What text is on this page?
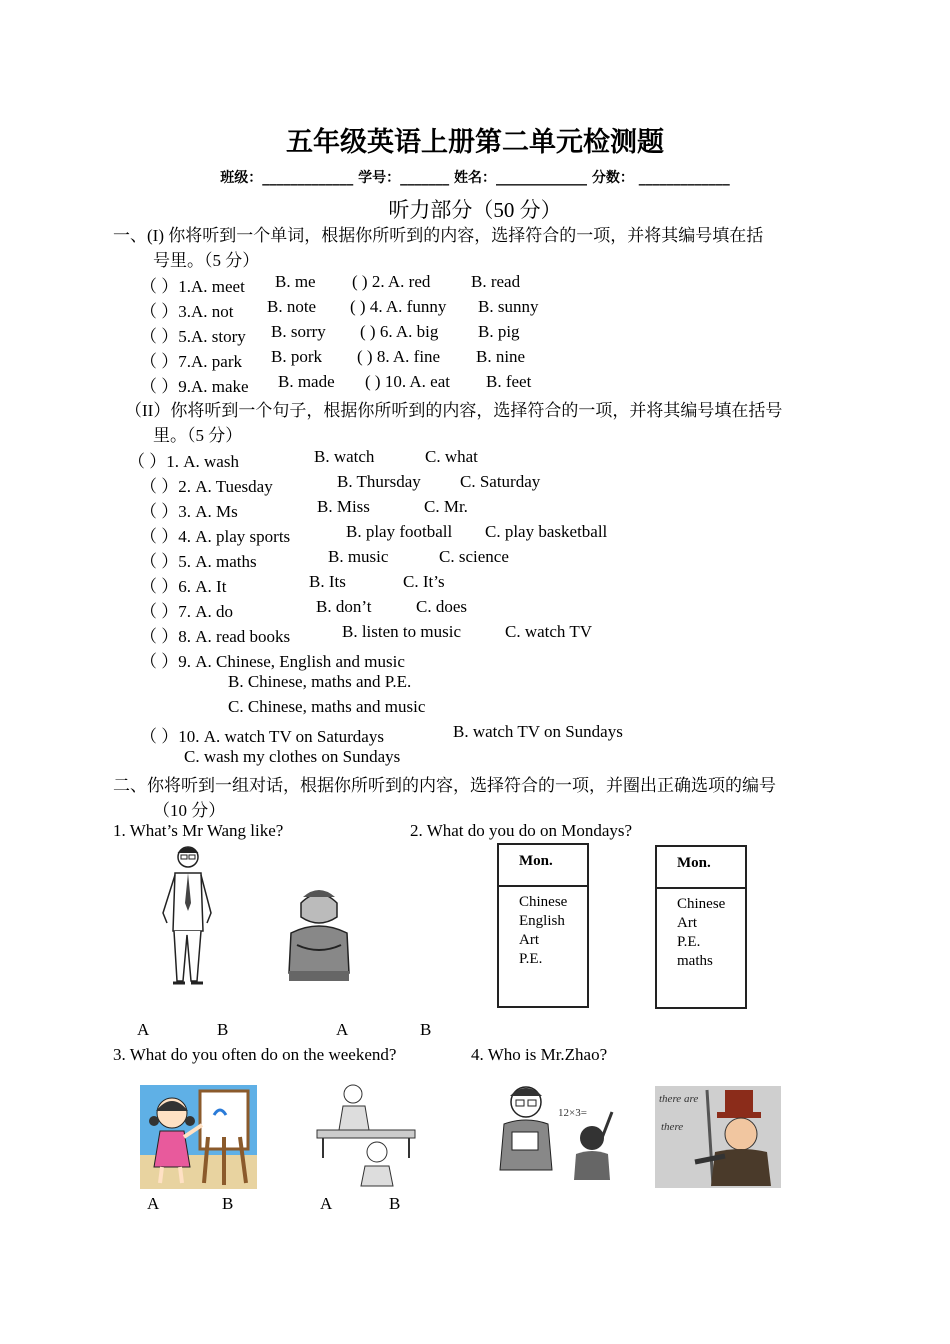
五年级英语上册第二单元检测题
班级：_____________ 学号：_______ 姓名：_____________ 分数： _____________
听力部分（50 分）
一、(I) 你将听到一个单词，根据你所听到的内容，选择符合的一项，并将其编号填在括
号里。（5 分）
（ ）1.A. meet B. me ( ) 2. A. red B. read
（ ）3.A. not B. note ( ) 4. A. funny B. sunny
（ ）5.A. story B. sorry ( ) 6. A. big B. pig
（ ）7.A. park B. pork ( ) 8. A. fine B. nine
（ ）9.A. make B. made ( ) 10. A. eat B. feet
（II）你将听到一个句子，根据你所听到的内容，选择符合的一项，并将其编号填在括号
里。（5 分）
（ ）1. A. wash	B. watch	C. what
（ ）2. A. Tuesday	B. Thursday C. Saturday
（ ）3. A. Ms	B. Miss	C. Mr.
（ ）4. A. play sports	B. play football C. play basketball
（ ）5. A. maths	B. music	C. science
（ ）6. A. It	B. Its	C. It’s
（ ）7. A. do	B. don’t	C. does
（ ）8. A. read books	B. listen to music	C. watch TV
（ ）9. A. Chinese, English and music
B. Chinese, maths and P.E.
C. Chinese, maths and music
（ ）10. A. watch TV on Saturdays	B. watch TV on Sundays
C. wash my clothes on Sundays
二、你将听到一组对话，根据你所听到的内容，选择符合的一项，并圈出正确选项的编号
（10 分）
1. What’s Mr Wang like?	2. What do you do on Mondays?
Mon.
Chinese
English
Art
P.E.
Mon.
Chinese
Art
P.E.
maths
A	B	A	B
3. What do you often do on the weekend?	4. Who is Mr.Zhao?
12×3=
there are
there
A	B	A	B
